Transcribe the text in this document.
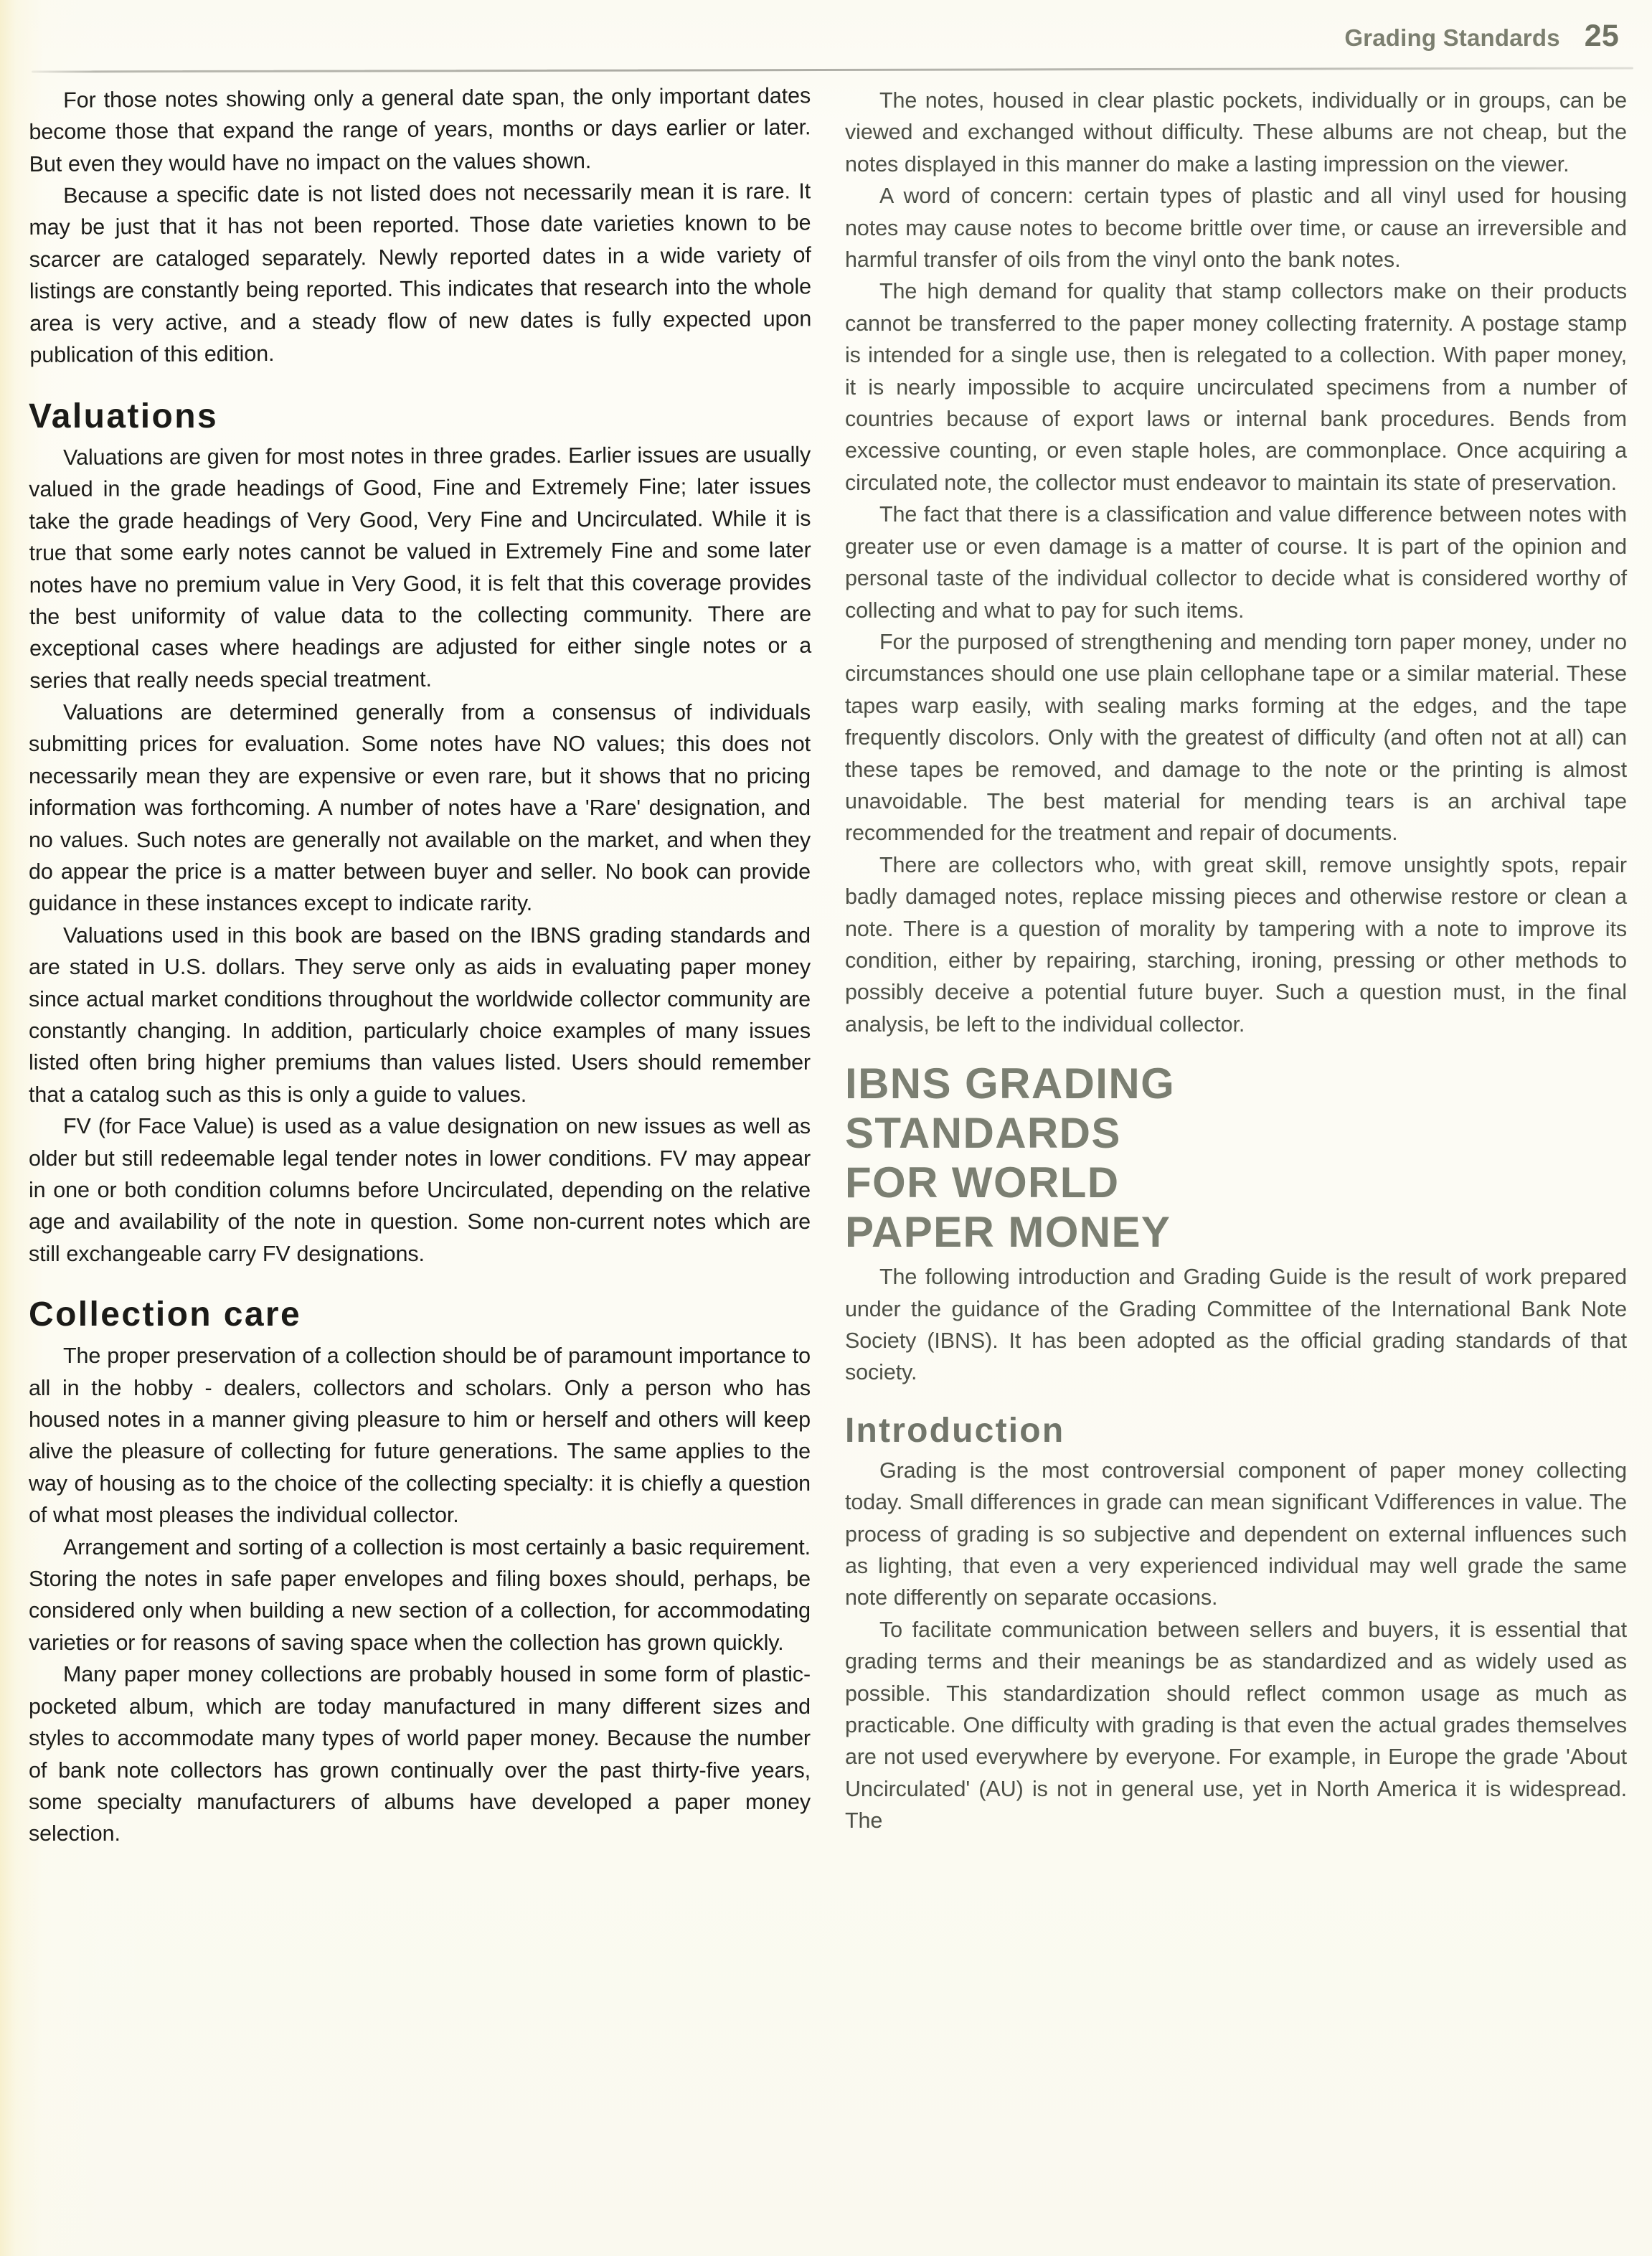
Grading Standards 25

For those notes showing only a general date span, the only important dates become those that expand the range of years, months or days earlier or later. But even they would have no impact on the values shown.

Because a specific date is not listed does not necessarily mean it is rare. It may be just that it has not been reported. Those date varieties known to be scarcer are cataloged separately. Newly reported dates in a wide variety of listings are constantly being reported. This indicates that research into the whole area is very active, and a steady flow of new dates is fully expected upon publication of this edition.

Valuations

Valuations are given for most notes in three grades. Earlier issues are usually valued in the grade headings of Good, Fine and Extremely Fine; later issues take the grade headings of Very Good, Very Fine and Uncirculated. While it is true that some early notes cannot be valued in Extremely Fine and some later notes have no premium value in Very Good, it is felt that this coverage provides the best uniformity of value data to the collecting community. There are exceptional cases where headings are adjusted for either single notes or a series that really needs special treatment.

Valuations are determined generally from a consensus of individuals submitting prices for evaluation. Some notes have NO values; this does not necessarily mean they are expensive or even rare, but it shows that no pricing information was forthcoming. A number of notes have a 'Rare' designation, and no values. Such notes are generally not available on the market, and when they do appear the price is a matter between buyer and seller. No book can provide guidance in these instances except to indicate rarity.

Valuations used in this book are based on the IBNS grading standards and are stated in U.S. dollars. They serve only as aids in evaluating paper money since actual market conditions throughout the worldwide collector community are constantly changing. In addition, particularly choice examples of many issues listed often bring higher premiums than values listed. Users should remember that a catalog such as this is only a guide to values.

FV (for Face Value) is used as a value designation on new issues as well as older but still redeemable legal tender notes in lower conditions. FV may appear in one or both condition columns before Uncirculated, depending on the relative age and availability of the note in question. Some non-current notes which are still exchangeable carry FV designations.

Collection care

The proper preservation of a collection should be of paramount importance to all in the hobby - dealers, collectors and scholars. Only a person who has housed notes in a manner giving pleasure to him or herself and others will keep alive the pleasure of collecting for future generations. The same applies to the way of housing as to the choice of the collecting specialty: it is chiefly a question of what most pleases the individual collector.

Arrangement and sorting of a collection is most certainly a basic requirement. Storing the notes in safe paper envelopes and filing boxes should, perhaps, be considered only when building a new section of a collection, for accommodating varieties or for reasons of saving space when the collection has grown quickly.

Many paper money collections are probably housed in some form of plastic-pocketed album, which are today manufactured in many different sizes and styles to accommodate many types of world paper money. Because the number of bank note collectors has grown continually over the past thirty-five years, some specialty manufacturers of albums have developed a paper money selection.

The notes, housed in clear plastic pockets, individually or in groups, can be viewed and exchanged without difficulty. These albums are not cheap, but the notes displayed in this manner do make a lasting impression on the viewer.

A word of concern: certain types of plastic and all vinyl used for housing notes may cause notes to become brittle over time, or cause an irreversible and harmful transfer of oils from the vinyl onto the bank notes.

The high demand for quality that stamp collectors make on their products cannot be transferred to the paper money collecting fraternity. A postage stamp is intended for a single use, then is relegated to a collection. With paper money, it is nearly impossible to acquire uncirculated specimens from a number of countries because of export laws or internal bank procedures. Bends from excessive counting, or even staple holes, are commonplace. Once acquiring a circulated note, the collector must endeavor to maintain its state of preservation.

The fact that there is a classification and value difference between notes with greater use or even damage is a matter of course. It is part of the opinion and personal taste of the individual collector to decide what is considered worthy of collecting and what to pay for such items.

For the purposed of strengthening and mending torn paper money, under no circumstances should one use plain cellophane tape or a similar material. These tapes warp easily, with sealing marks forming at the edges, and the tape frequently discolors. Only with the greatest of difficulty (and often not at all) can these tapes be removed, and damage to the note or the printing is almost unavoidable. The best material for mending tears is an archival tape recommended for the treatment and repair of documents.

There are collectors who, with great skill, remove unsightly spots, repair badly damaged notes, replace missing pieces and otherwise restore or clean a note. There is a question of morality by tampering with a note to improve its condition, either by repairing, starching, ironing, pressing or other methods to possibly deceive a potential future buyer. Such a question must, in the final analysis, be left to the individual collector.

IBNS GRADING
STANDARDS
FOR WORLD
PAPER MONEY

The following introduction and Grading Guide is the result of work prepared under the guidance of the Grading Committee of the International Bank Note Society (IBNS). It has been adopted as the official grading standards of that society.

Introduction

Grading is the most controversial component of paper money collecting today. Small differences in grade can mean significant Vdifferences in value. The process of grading is so subjective and dependent on external influences such as lighting, that even a very experienced individual may well grade the same note differently on separate occasions.

To facilitate communication between sellers and buyers, it is essential that grading terms and their meanings be as standardized and as widely used as possible. This standardization should reflect common usage as much as practicable. One difficulty with grading is that even the actual grades themselves are not used everywhere by everyone. For example, in Europe the grade 'About Uncirculated' (AU) is not in general use, yet in North America it is widespread. The
